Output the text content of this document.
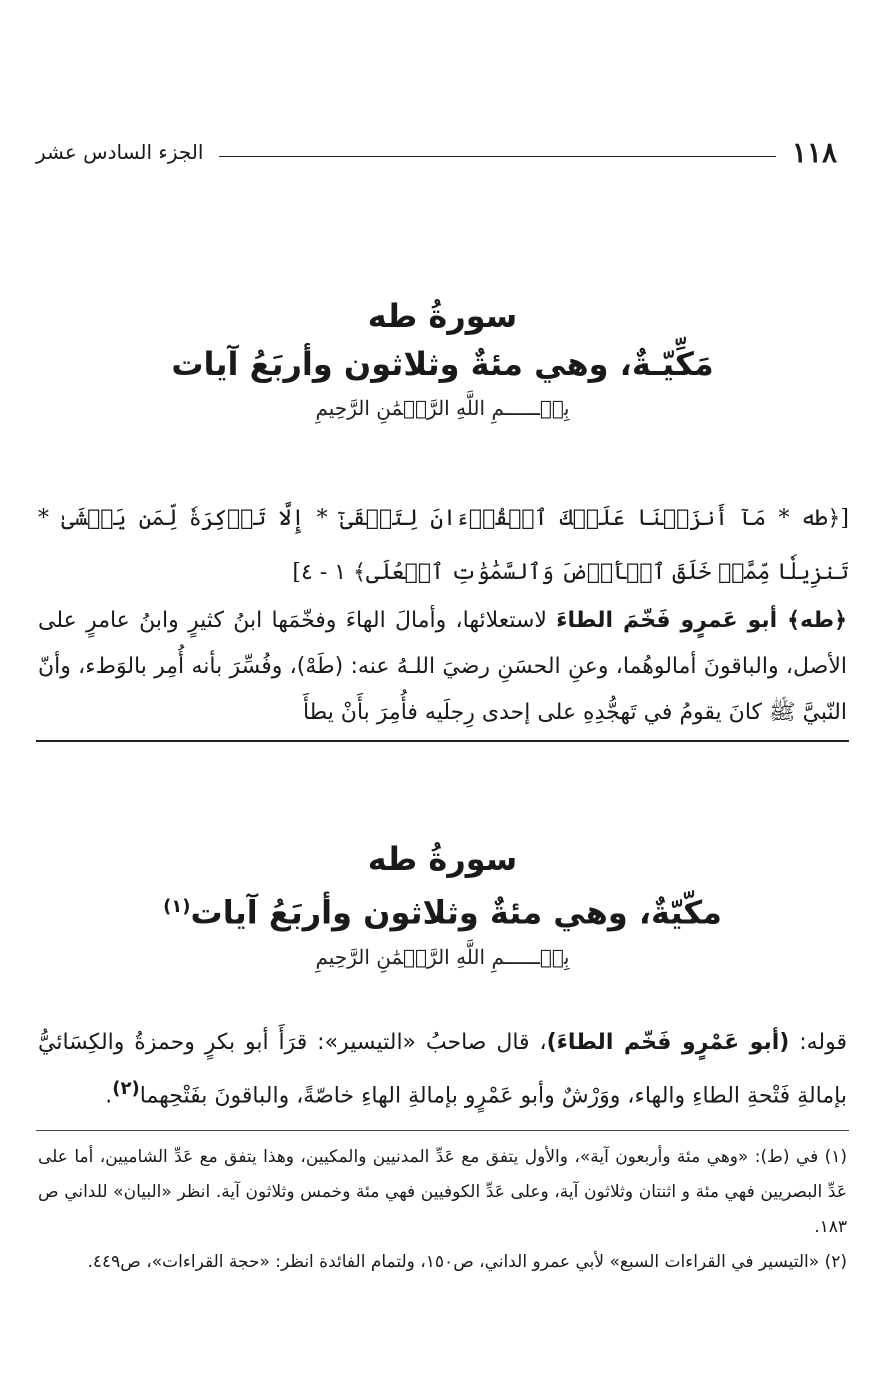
١١٨
الجزء السادس عشر
سورةُ طه
مَكِّيّـةٌ، وهي مئةٌ وثلاثون وأربَعُ آيات
بِسۡــــــمِ اللَّهِ الرَّحۡمَٰنِ الرَّحِيمِ
[﴿طه * مَآ أَنزَلۡنَا عَلَيۡكَ ٱلۡقُرۡءَانَ لِتَشۡقَىٰٓ * إِلَّا تَذۡكِرَةٗ لِّمَن يَخۡشَىٰ * تَنزِيلٗا مِّمَّنۡ خَلَقَ ٱلۡأَرۡضَ وَٱلسَّمَٰوَٰتِ ٱلۡعُلَى﴾ ١ - ٤]
﴿طه﴾ أبو عَمرٍو فَخّمَ الطاءَ لاستعلائها، وأمالَ الهاءَ وفخّمَها ابنُ كثيرٍ وابنُ عامرٍ على الأصل، والباقونَ أمالوهُما، وعنِ الحسَنِ رضيَ اللـهُ عنه: (طَهْ)، وفُسِّرَ بأنه أُمِر بالوَطء، وأنّ النّبيَّ ﷺ كانَ يقومُ في تَهجُّدِهِ على إحدى رِجلَيه فأُمِرَ بأَنْ يطأَ
سورةُ طه
مكّيّةٌ، وهي مئةٌ وثلاثون وأربَعُ آيات$^{(١)}$
بِسۡــــــمِ اللَّهِ الرَّحۡمَٰنِ الرَّحِيمِ
قوله: (أبو عَمْرٍو فَخّم الطاءَ)، قال صاحبُ «التيسير»: قرَأَ أبو بكرٍ وحمزةُ والكِسَائيُّ بإمالةِ فَتْحةِ الطاءِ والهاء، ووَرْشٌ وأبو عَمْرٍو بإمالةِ الهاءِ خاصّةً، والباقونَ بفَتْحِهما$^{(٢)}$.

(١) في (ط): «وهي مئة وأربعون آية»، والأول يتفق مع عَدِّ المدنيين والمكيين، وهذا يتفق مع عَدِّ الشاميين، أما على عَدِّ البصريين فهي مئة و اثنتان وثلاثون آية، وعلى عَدِّ الكوفيين فهي مئة وخمس وثلاثون آية. انظر «البيان» للداني ص ١٨٣.

(٢) «التيسير في القراءات السبع» لأبي عمرو الداني، ص١٥٠، ولتمام الفائدة انظر: «حجة القراءات»، ص٤٤٩.
